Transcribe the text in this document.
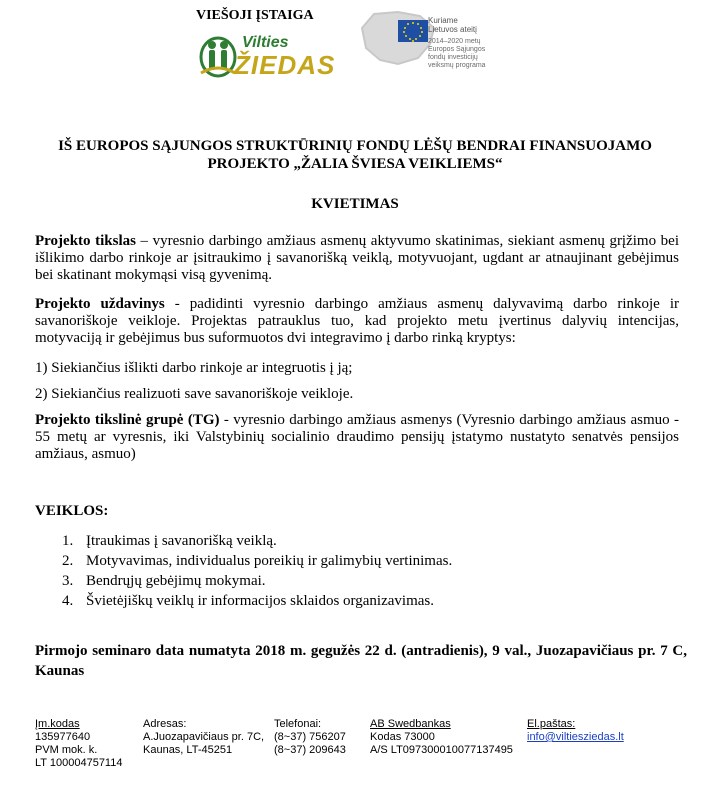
VIEŠOJI ĮSTAIGA
Vilties
ŽIEDAS
Kuriame
Lietuvos ateitį
2014–2020 metų
Europos Sąjungos
fondų investicijų
veiksmų programa
IŠ EUROPOS SĄJUNGOS STRUKTŪRINIŲ FONDŲ LĖŠŲ BENDRAI FINANSUOJAMO
PROJEKTO „ŽALIA ŠVIESA VEIKLIEMS“
KVIETIMAS
Projekto tikslas – vyresnio darbingo amžiaus asmenų aktyvumo skatinimas, siekiant asmenų grįžimo bei išlikimo darbo rinkoje ar įsitraukimo į savanorišką veiklą, motyvuojant, ugdant ar atnaujinant gebėjimus bei skatinant mokymąsi visą gyvenimą.
Projekto uždavinys - padidinti vyresnio darbingo amžiaus asmenų dalyvavimą darbo rinkoje ir savanoriškoje veikloje. Projektas patrauklus tuo, kad projekto metu įvertinus dalyvių intencijas, motyvaciją ir gebėjimus bus suformuotos dvi integravimo į darbo rinką kryptys:
1) Siekiančius išlikti darbo rinkoje ar integruotis į ją;
2) Siekiančius realizuoti save savanoriškoje veikloje.
Projekto tikslinė grupė (TG) - vyresnio darbingo amžiaus asmenys (Vyresnio darbingo amžiaus asmuo - 55 metų ar vyresnis, iki Valstybinių socialinio draudimo pensijų įstatymo nustatyto senatvės pensijos amžiaus, asmuo)
VEIKLOS:
1. Įtraukimas į savanorišką veiklą.
2. Motyvavimas, individualus poreikių ir galimybių vertinimas.
3. Bendrųjų gebėjimų mokymai.
4. Švietėjiškų veiklų ir informacijos sklaidos organizavimas.
Pirmojo seminaro data numatyta 2018 m. gegužės 22 d. (antradienis), 9 val., Juozapavičiaus pr. 7 C, Kaunas
Įm.kodas
135977640
PVM mok. k.
LT 100004757114
Adresas:
A.Juozapavičiaus pr. 7C,
Kaunas, LT-45251
Telefonai:
(8~37) 756207
(8~37) 209643
AB Swedbankas
Kodas 73000
A/S LT097300010077137495
El.paštas:
info@viltiesziedas.lt
